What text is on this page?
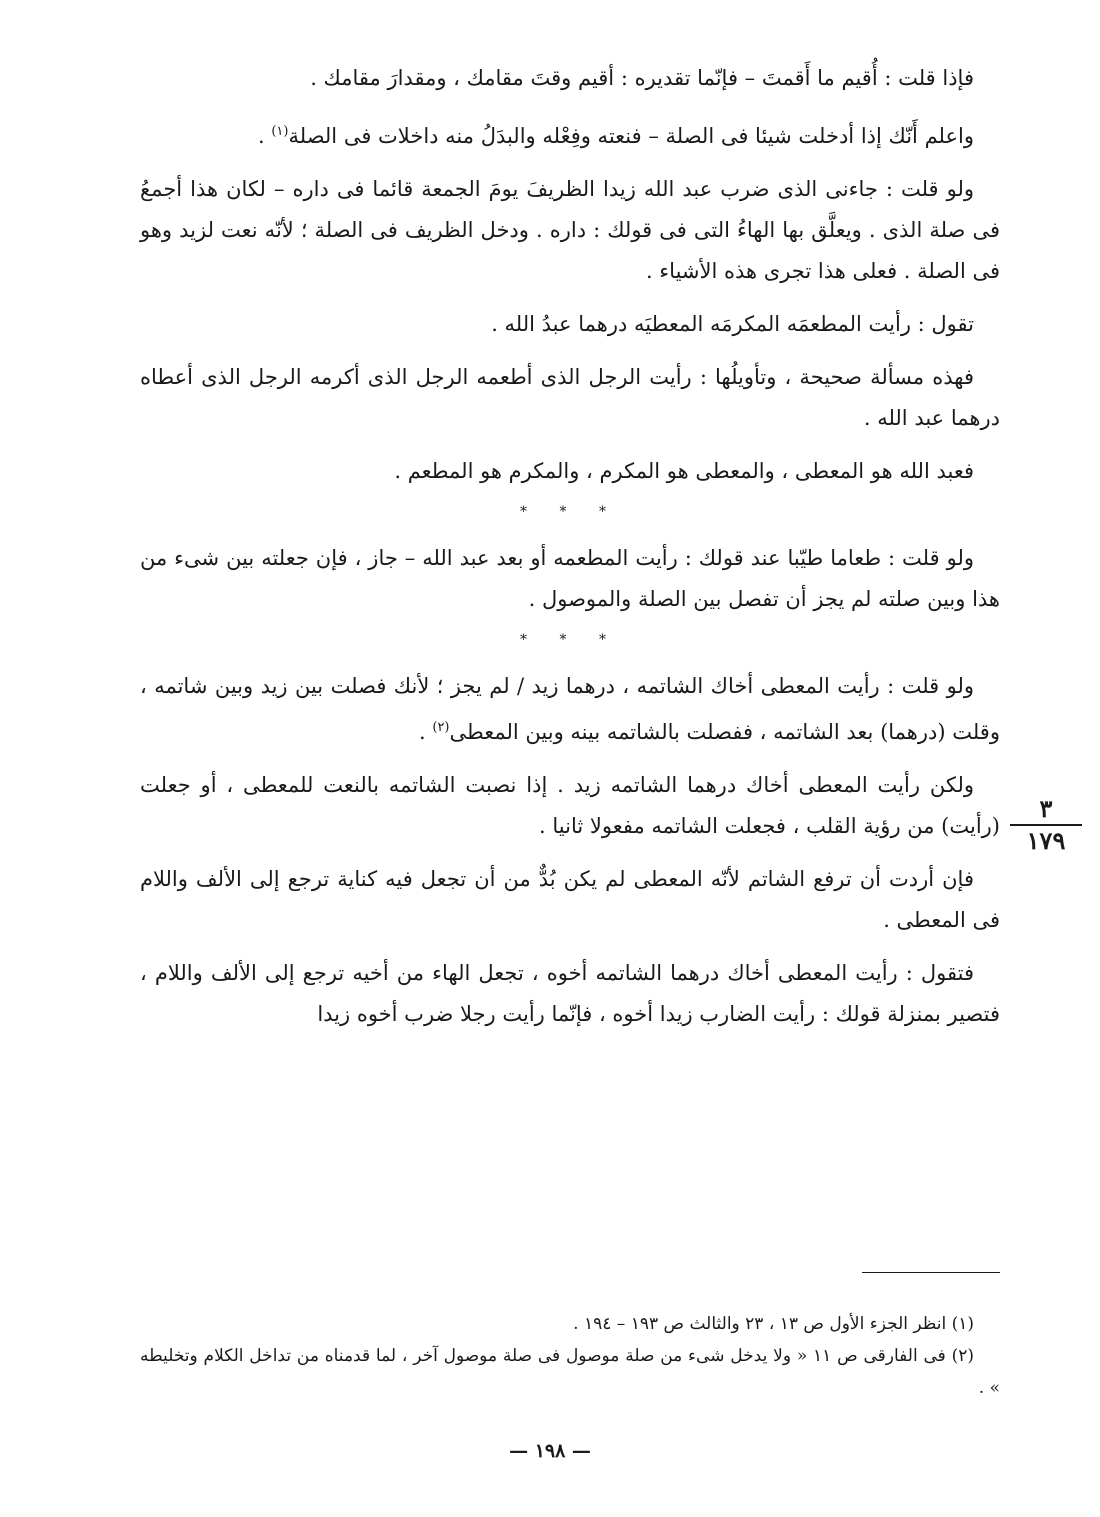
فإذا قلت : أُقيم ما أَقمتَ – فإنّما تقديره : أقيم وقتَ مقامك ، ومقدارَ مقامك .

واعلم أَنّك إذا أدخلت شيئا فى الصلة – فنعته وفِعْله والبدَلُ منه داخلات فى الصلة$^{(١)}$ .

ولو قلت : جاءنى الذى ضرب عبد الله زيدا الظريفَ يومَ الجمعة قائما فى داره – لكان هذا أجمعُ فى صلة الذى . ويعلَّق بها الهاءُ التى فى قولك : داره . ودخل الظريف فى الصلة ؛ لأنّه نعت لزيد وهو فى الصلة . فعلى هذا تجرى هذه الأشياء .

تقول : رأيت المطعمَه المكرمَه المعطيَه درهما عبدُ الله .

فهذه مسألة صحيحة ، وتأويلُها : رأيت الرجل الذى أطعمه الرجل الذى أكرمه الرجل الذى أعطاه درهما عبد الله .

فعبد الله هو المعطى ، والمعطى هو المكرم ، والمكرم هو المطعم .

* * *

ولو قلت : طعاما طيّبا عند قولك : رأيت المطعمه أو بعد عبد الله – جاز ، فإن جعلته بين شىء من هذا وبين صلته لم يجز أن تفصل بين الصلة والموصول .

* * *

ولو قلت : رأيت المعطى أخاك الشاتمه ، درهما زيد / لم يجز ؛ لأنك فصلت بين زيد وبين شاتمه ، وقلت (درهما) بعد الشاتمه ، ففصلت بالشاتمه بينه وبين المعطى$^{(٢)}$ .

ولكن رأيت المعطى أخاك درهما الشاتمه زيد . إذا نصبت الشاتمه بالنعت للمعطى ، أو جعلت (رأيت) من رؤية القلب ، فجعلت الشاتمه مفعولا ثانيا .

فإن أردت أن ترفع الشاتم لأنّه المعطى لم يكن بُدٌّ من أن تجعل فيه كناية ترجع إلى الألف واللام فى المعطى .

فتقول : رأيت المعطى أخاك درهما الشاتمه أخوه ، تجعل الهاء من أخيه ترجع إلى الألف واللام ، فتصير بمنزلة قولك : رأيت الضارب زيدا أخوه ، فإنّما رأيت رجلا ضرب أخوه زيدا

٣
١٧٩

(١) انظر الجزء الأول ص ١٣ ، ٢٣ والثالث ص ١٩٣ – ١٩٤ .

(٢) فى الفارقى ص ١١ « ولا يدخل شىء من صلة موصول فى صلة موصول آخر ، لما قدمناه من تداخل الكلام وتخليطه » .

— ١٩٨ —
